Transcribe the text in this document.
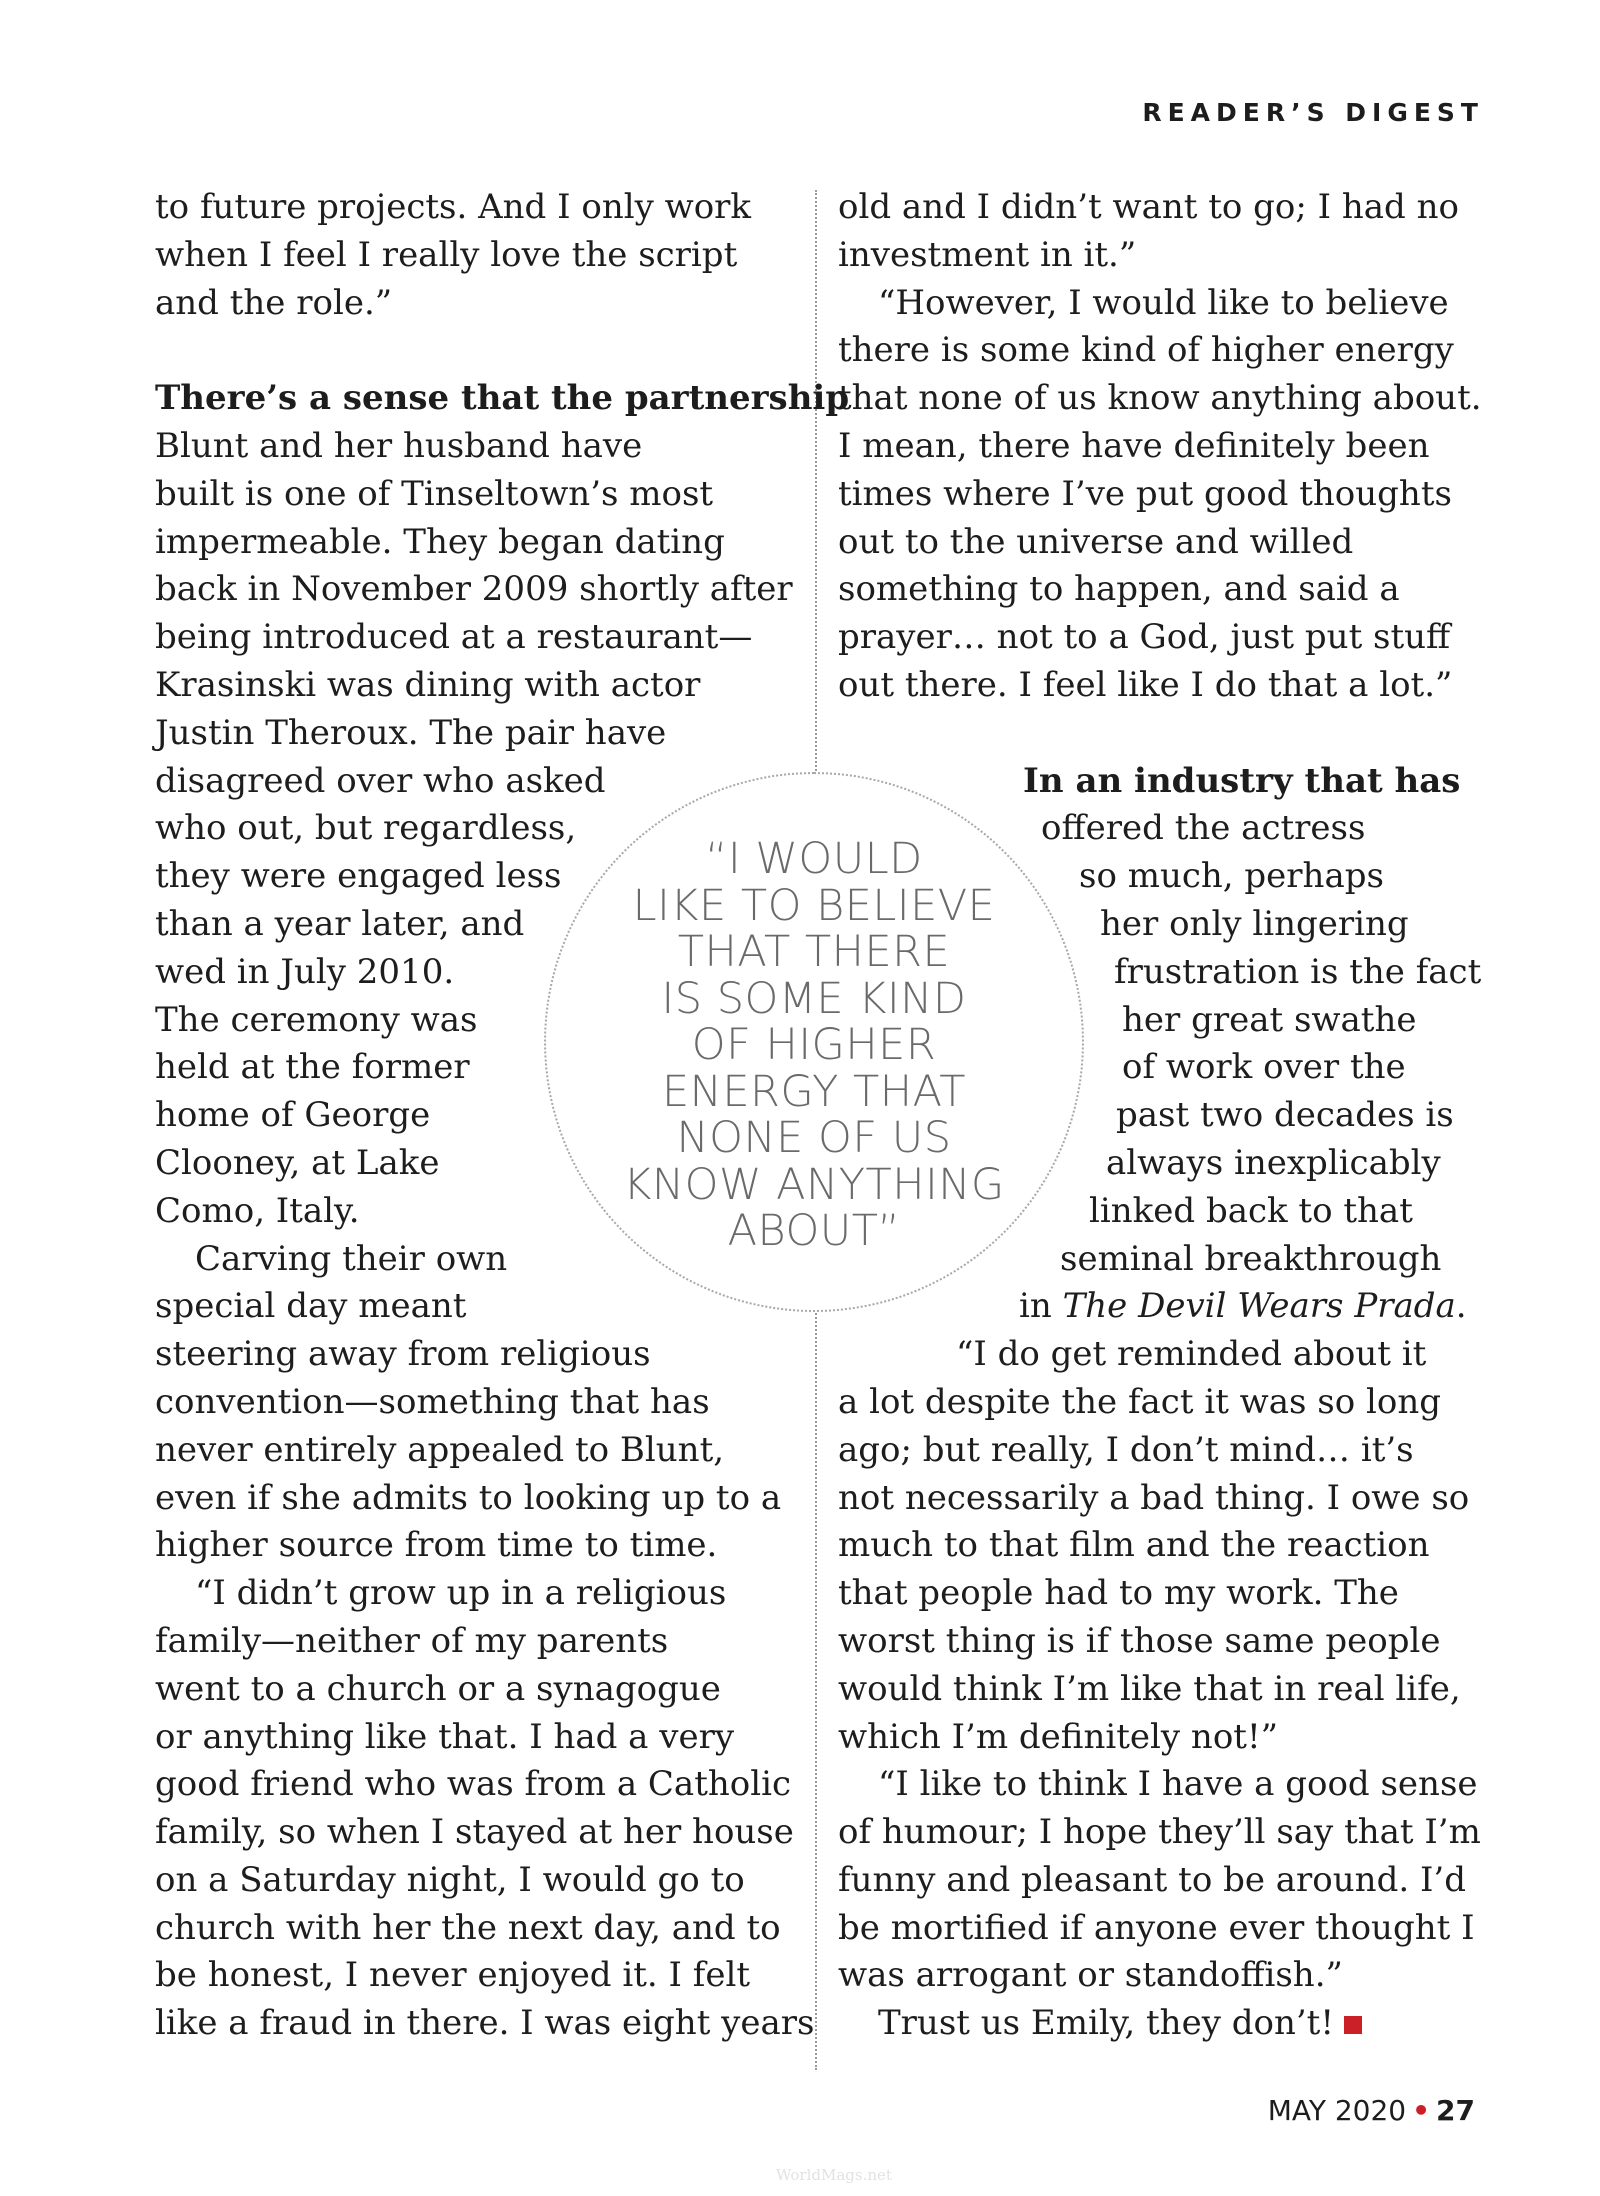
READER’S DIGEST
to future projects. And I only work
when I feel I really love the script
and the role.”
There’s a sense that the partnership
Blunt and her husband have
built is one of Tinseltown’s most
impermeable. They began dating
back in November 2009 shortly after
being introduced at a restaurant—
Krasinski was dining with actor
Justin Theroux. The pair have
disagreed over who asked
who out, but regardless,
they were engaged less
than a year later, and
wed in July 2010.
The ceremony was
held at the former
home of George
Clooney, at Lake
Como, Italy.
Carving their own
special day meant
steering away from religious
convention—something that has
never entirely appealed to Blunt,
even if she admits to looking up to a
higher source from time to time.
“I didn’t grow up in a religious
family—neither of my parents
went to a church or a synagogue
or anything like that. I had a very
good friend who was from a Catholic
family, so when I stayed at her house
on a Saturday night, I would go to
church with her the next day, and to
be honest, I never enjoyed it. I felt
like a fraud in there. I was eight years
old and I didn’t want to go; I had no
investment in it.”
“However, I would like to believe
there is some kind of higher energy
that none of us know anything about.
I mean, there have definitely been
times where I’ve put good thoughts
out to the universe and willed
something to happen, and said a
prayer… not to a God, just put stuff
out there. I feel like I do that a lot.”
In an industry that has
offered the actress
so much, perhaps
her only lingering
frustration is the fact
her great swathe
of work over the
past two decades is
always inexplicably
linked back to that
seminal breakthrough
in The Devil Wears Prada.
“I do get reminded about it
a lot despite the fact it was so long
ago; but really, I don’t mind… it’s
not necessarily a bad thing. I owe so
much to that film and the reaction
that people had to my work. The
worst thing is if those same people
would think I’m like that in real life,
which I’m definitely not!”
“I like to think I have a good sense
of humour; I hope they’ll say that I’m
funny and pleasant to be around. I’d
be mortified if anyone ever thought I
was arrogant or standoffish.”
Trust us Emily, they don’t!
“I WOULD
LIKE TO BELIEVE
THAT THERE
IS SOME KIND
OF HIGHER
ENERGY THAT
NONE OF US
KNOW ANYTHING
ABOUT”
MAY 2020 • 27
WorldMags.net
